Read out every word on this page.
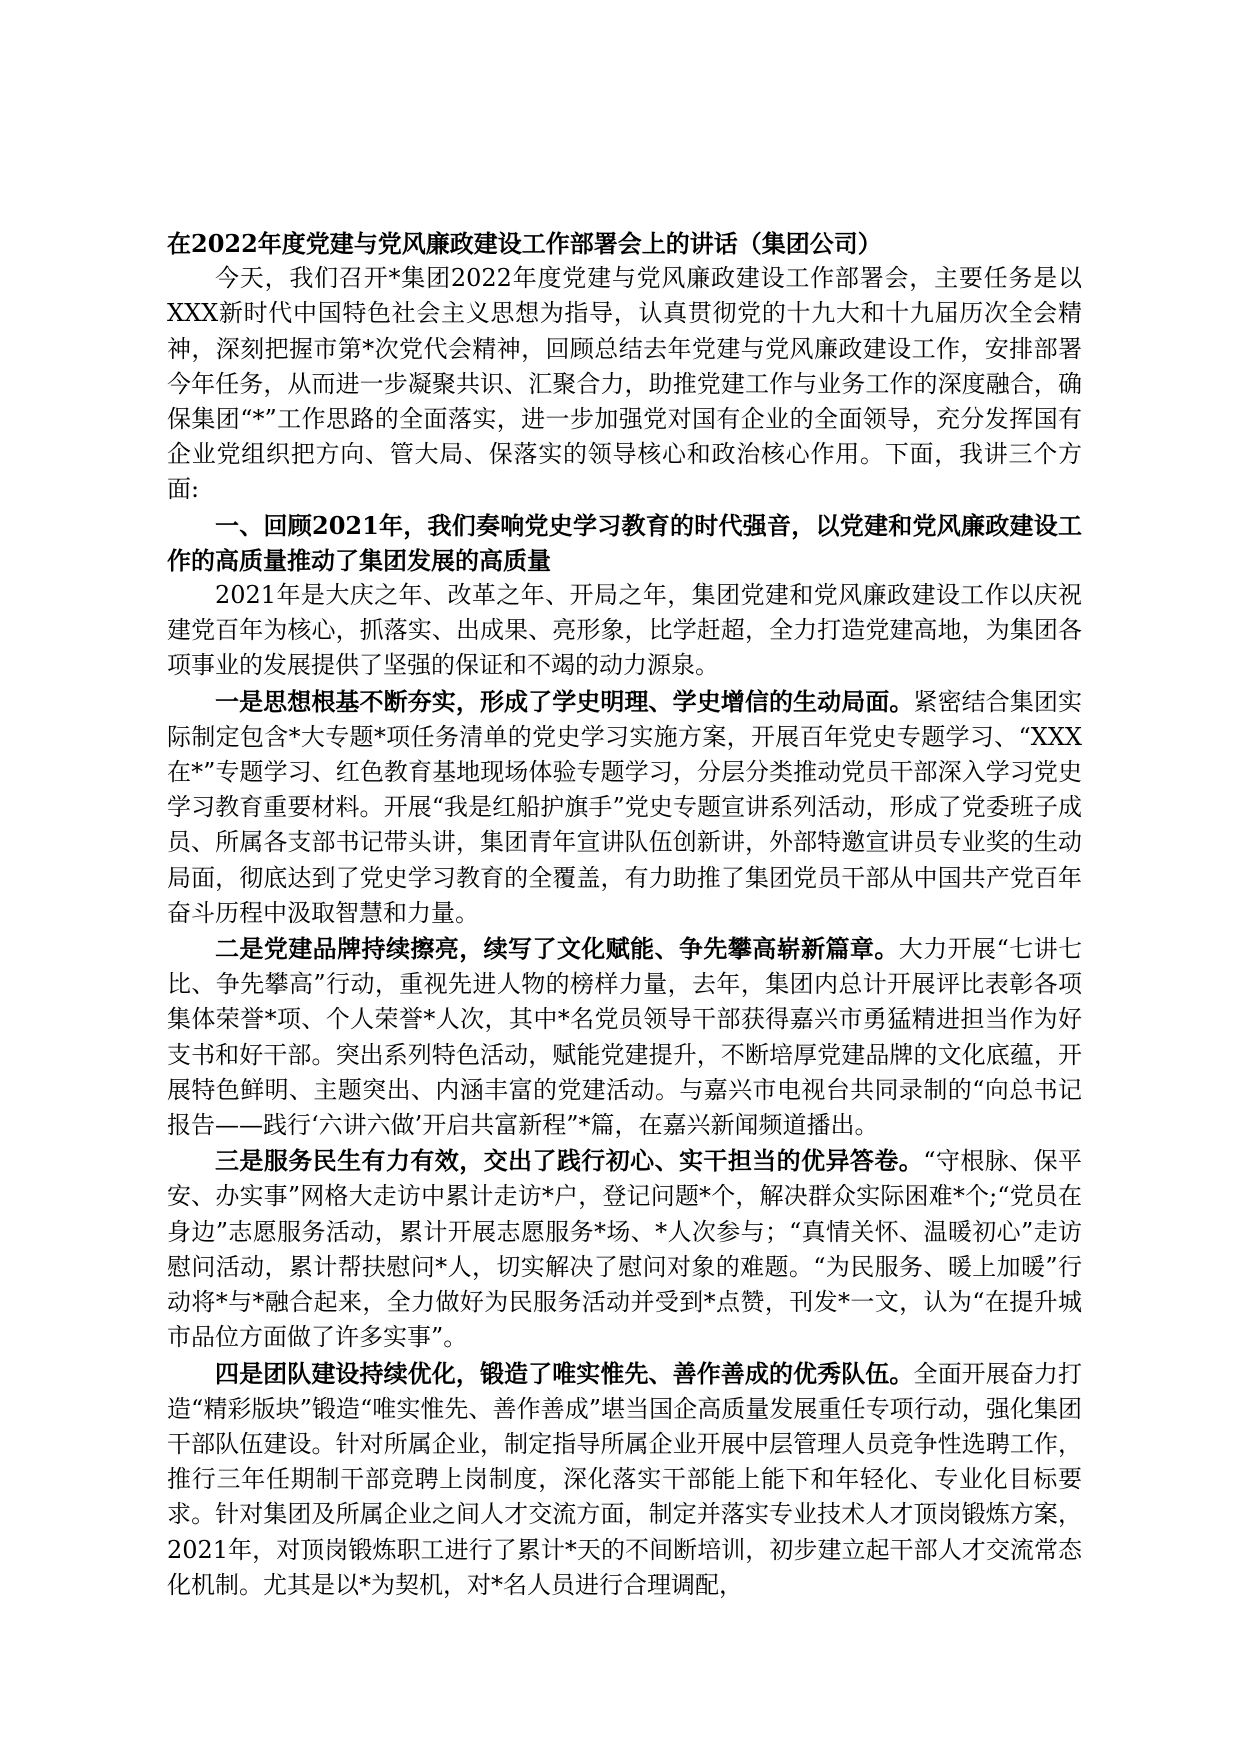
在2022年度党建与党风廉政建设工作部署会上的讲话（集团公司）

今天，我们召开*集团2022年度党建与党风廉政建设工作部署会，主要任务是以XXX新时代中国特色社会主义思想为指导，认真贯彻党的十九大和十九届历次全会精神，深刻把握市第*次党代会精神，回顾总结去年党建与党风廉政建设工作，安排部署今年任务，从而进一步凝聚共识、汇聚合力，助推党建工作与业务工作的深度融合，确保集团“*”工作思路的全面落实，进一步加强党对国有企业的全面领导，充分发挥国有企业党组织把方向、管大局、保落实的领导核心和政治核心作用。下面，我讲三个方面:

一、回顾2021年，我们奏响党史学习教育的时代强音，以党建和党风廉政建设工作的高质量推动了集团发展的高质量

2021年是大庆之年、改革之年、开局之年，集团党建和党风廉政建设工作以庆祝建党百年为核心，抓落实、出成果、亮形象，比学赶超，全力打造党建高地，为集团各项事业的发展提供了坚强的保证和不竭的动力源泉。

一是思想根基不断夯实，形成了学史明理、学史增信的生动局面。紧密结合集团实际制定包含*大专题*项任务清单的党史学习实施方案，开展百年党史专题学习、“XXX在*”专题学习、红色教育基地现场体验专题学习，分层分类推动党员干部深入学习党史学习教育重要材料。开展“我是红船护旗手”党史专题宣讲系列活动，形成了党委班子成员、所属各支部书记带头讲，集团青年宣讲队伍创新讲，外部特邀宣讲员专业奖的生动局面，彻底达到了党史学习教育的全覆盖，有力助推了集团党员干部从中国共产党百年奋斗历程中汲取智慧和力量。

二是党建品牌持续擦亮，续写了文化赋能、争先攀高崭新篇章。大力开展“七讲七比、争先攀高”行动，重视先进人物的榜样力量，去年，集团内总计开展评比表彰各项集体荣誉*项、个人荣誉*人次，其中*名党员领导干部获得嘉兴市勇猛精进担当作为好支书和好干部。突出系列特色活动，赋能党建提升，不断培厚党建品牌的文化底蕴，开展特色鲜明、主题突出、内涵丰富的党建活动。与嘉兴市电视台共同录制的“向总书记报告——践行‘六讲六做’开启共富新程”*篇，在嘉兴新闻频道播出。

三是服务民生有力有效，交出了践行初心、实干担当的优异答卷。“守根脉、保平安、办实事”网格大走访中累计走访*户，登记问题*个，解决群众实际困难*个;“党员在身边”志愿服务活动，累计开展志愿服务*场、*人次参与；“真情关怀、温暖初心”走访慰问活动，累计帮扶慰问*人，切实解决了慰问对象的难题。“为民服务、暖上加暖”行动将*与*融合起来，全力做好为民服务活动并受到*点赞，刊发*一文，认为“在提升城市品位方面做了许多实事”。

四是团队建设持续优化，锻造了唯实惟先、善作善成的优秀队伍。全面开展奋力打造“精彩版块”锻造“唯实惟先、善作善成”堪当国企高质量发展重任专项行动，强化集团干部队伍建设。针对所属企业，制定指导所属企业开展中层管理人员竞争性选聘工作，推行三年任期制干部竞聘上岗制度，深化落实干部能上能下和年轻化、专业化目标要求。针对集团及所属企业之间人才交流方面，制定并落实专业技术人才顶岗锻炼方案，2021年，对顶岗锻炼职工进行了累计*天的不间断培训，初步建立起干部人才交流常态化机制。尤其是以*为契机，对*名人员进行合理调配，
